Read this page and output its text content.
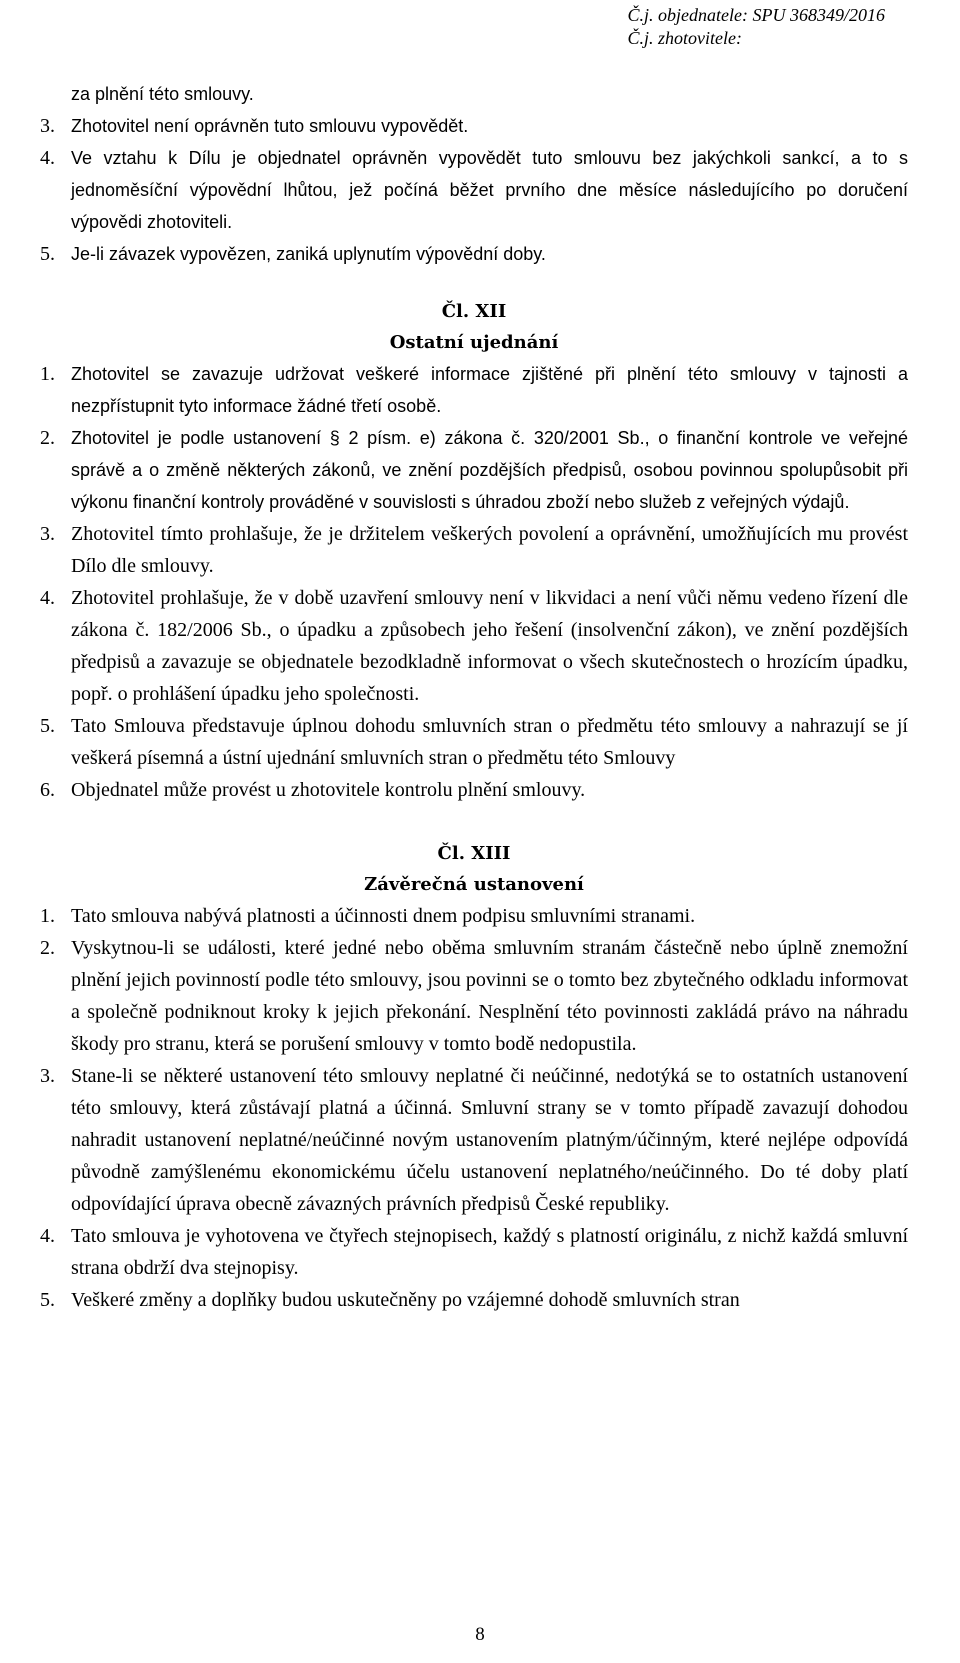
Č.j. objednatele: SPU 368349/2016
Č.j. zhotovitele:
za plnění této smlouvy.
3. Zhotovitel není oprávněn tuto smlouvu vypovědět.
4. Ve vztahu k Dílu je objednatel oprávněn vypovědět tuto smlouvu bez jakýchkoli sankcí, a to s jednoměsíční výpovědní lhůtou, jež počíná běžet prvního dne měsíce následujícího po doručení výpovědi zhotoviteli.
5. Je-li závazek vypovězen, zaniká uplynutím výpovědní doby.
Čl. XII
Ostatní ujednání
1. Zhotovitel se zavazuje udržovat veškeré informace zjištěné při plnění této smlouvy v tajnosti a nezpřístupnit tyto informace žádné třetí osobě.
2. Zhotovitel je podle ustanovení § 2 písm. e) zákona č. 320/2001 Sb., o finanční kontrole ve veřejné správě a o změně některých zákonů, ve znění pozdějších předpisů, osobou povinnou spolupůsobit při výkonu finanční kontroly prováděné v souvislosti s úhradou zboží nebo služeb z veřejných výdajů.
3. Zhotovitel tímto prohlašuje, že je držitelem veškerých povolení a oprávnění, umožňujících mu provést Dílo dle smlouvy.
4. Zhotovitel prohlašuje, že v době uzavření smlouvy není v likvidaci a není vůči němu vedeno řízení dle zákona č. 182/2006 Sb., o úpadku a způsobech jeho řešení (insolvenční zákon), ve znění pozdějších předpisů a zavazuje se objednatele bezodkladně informovat o všech skutečnostech o hrozícím úpadku, popř. o prohlášení úpadku jeho společnosti.
5. Tato Smlouva představuje úplnou dohodu smluvních stran o předmětu této smlouvy a nahrazují se jí veškerá písemná a ústní ujednání smluvních stran o předmětu této Smlouvy
6. Objednatel může provést u zhotovitele kontrolu plnění smlouvy.
Čl. XIII
Závěrečná ustanovení
1. Tato smlouva nabývá platnosti a účinnosti dnem podpisu smluvními stranami.
2. Vyskytnou-li se události, které jedné nebo oběma smluvním stranám částečně nebo úplně znemožní plnění jejich povinností podle této smlouvy, jsou povinni se o tomto bez zbytečného odkladu informovat a společně podniknout kroky k jejich překonání. Nesplnění této povinnosti zakládá právo na náhradu škody pro stranu, která se porušení smlouvy v tomto bodě nedopustila.
3. Stane-li se některé ustanovení této smlouvy neplatné či neúčinné, nedotýká se to ostatních ustanovení této smlouvy, která zůstávají platná a účinná. Smluvní strany se v tomto případě zavazují dohodou nahradit ustanovení neplatné/neúčinné novým ustanovením platným/účinným, které nejlépe odpovídá původně zamýšlenému ekonomickému účelu ustanovení neplatného/neúčinného. Do té doby platí odpovídající úprava obecně závazných právních předpisů České republiky.
4. Tato smlouva je vyhotovena ve čtyřech stejnopisech, každý s platností originálu, z nichž každá smluvní strana obdrží dva stejnopisy.
5. Veškeré změny a doplňky budou uskutečněny po vzájemné dohodě smluvních stran
8
